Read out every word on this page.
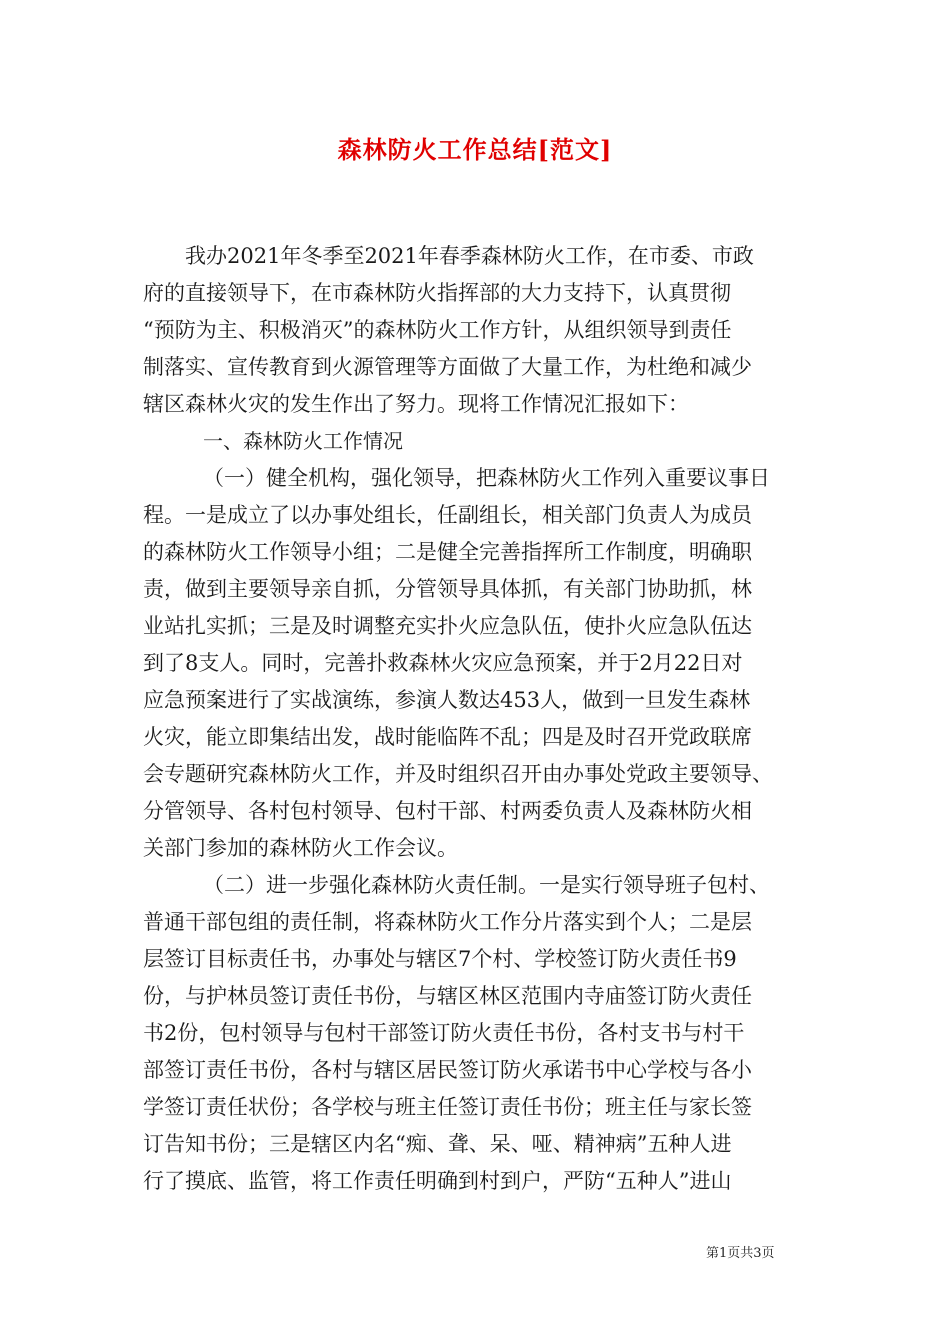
森林防火工作总结[范文]
我办2021年冬季至2021年春季森林防火工作，在市委、市政
府的直接领导下，在市森林防火指挥部的大力支持下，认真贯彻
“预防为主、积极消灭”的森林防火工作方针，从组织领导到责任
制落实、宣传教育到火源管理等方面做了大量工作，为杜绝和减少
辖区森林火灾的发生作出了努力。现将工作情况汇报如下：
一、森林防火工作情况
（一）健全机构，强化领导，把森林防火工作列入重要议事日
程。一是成立了以办事处组长，任副组长，相关部门负责人为成员
的森林防火工作领导小组；二是健全完善指挥所工作制度，明确职
责，做到主要领导亲自抓，分管领导具体抓，有关部门协助抓，林
业站扎实抓；三是及时调整充实扑火应急队伍，使扑火应急队伍达
到了8支人。同时，完善扑救森林火灾应急预案，并于2月22日对
应急预案进行了实战演练，参演人数达453人，做到一旦发生森林
火灾，能立即集结出发，战时能临阵不乱；四是及时召开党政联席
会专题研究森林防火工作，并及时组织召开由办事处党政主要领导、
分管领导、各村包村领导、包村干部、村两委负责人及森林防火相
关部门参加的森林防火工作会议。
（二）进一步强化森林防火责任制。一是实行领导班子包村、
普通干部包组的责任制，将森林防火工作分片落实到个人；二是层
层签订目标责任书，办事处与辖区7个村、学校签订防火责任书9
份，与护林员签订责任书份，与辖区林区范围内寺庙签订防火责任
书2份，包村领导与包村干部签订防火责任书份，各村支书与村干
部签订责任书份，各村与辖区居民签订防火承诺书中心学校与各小
学签订责任状份；各学校与班主任签订责任书份；班主任与家长签
订告知书份；三是辖区内名“痴、聋、呆、哑、精神病”五种人进
行了摸底、监管，将工作责任明确到村到户，严防“五种人”进山
第1页共3页
